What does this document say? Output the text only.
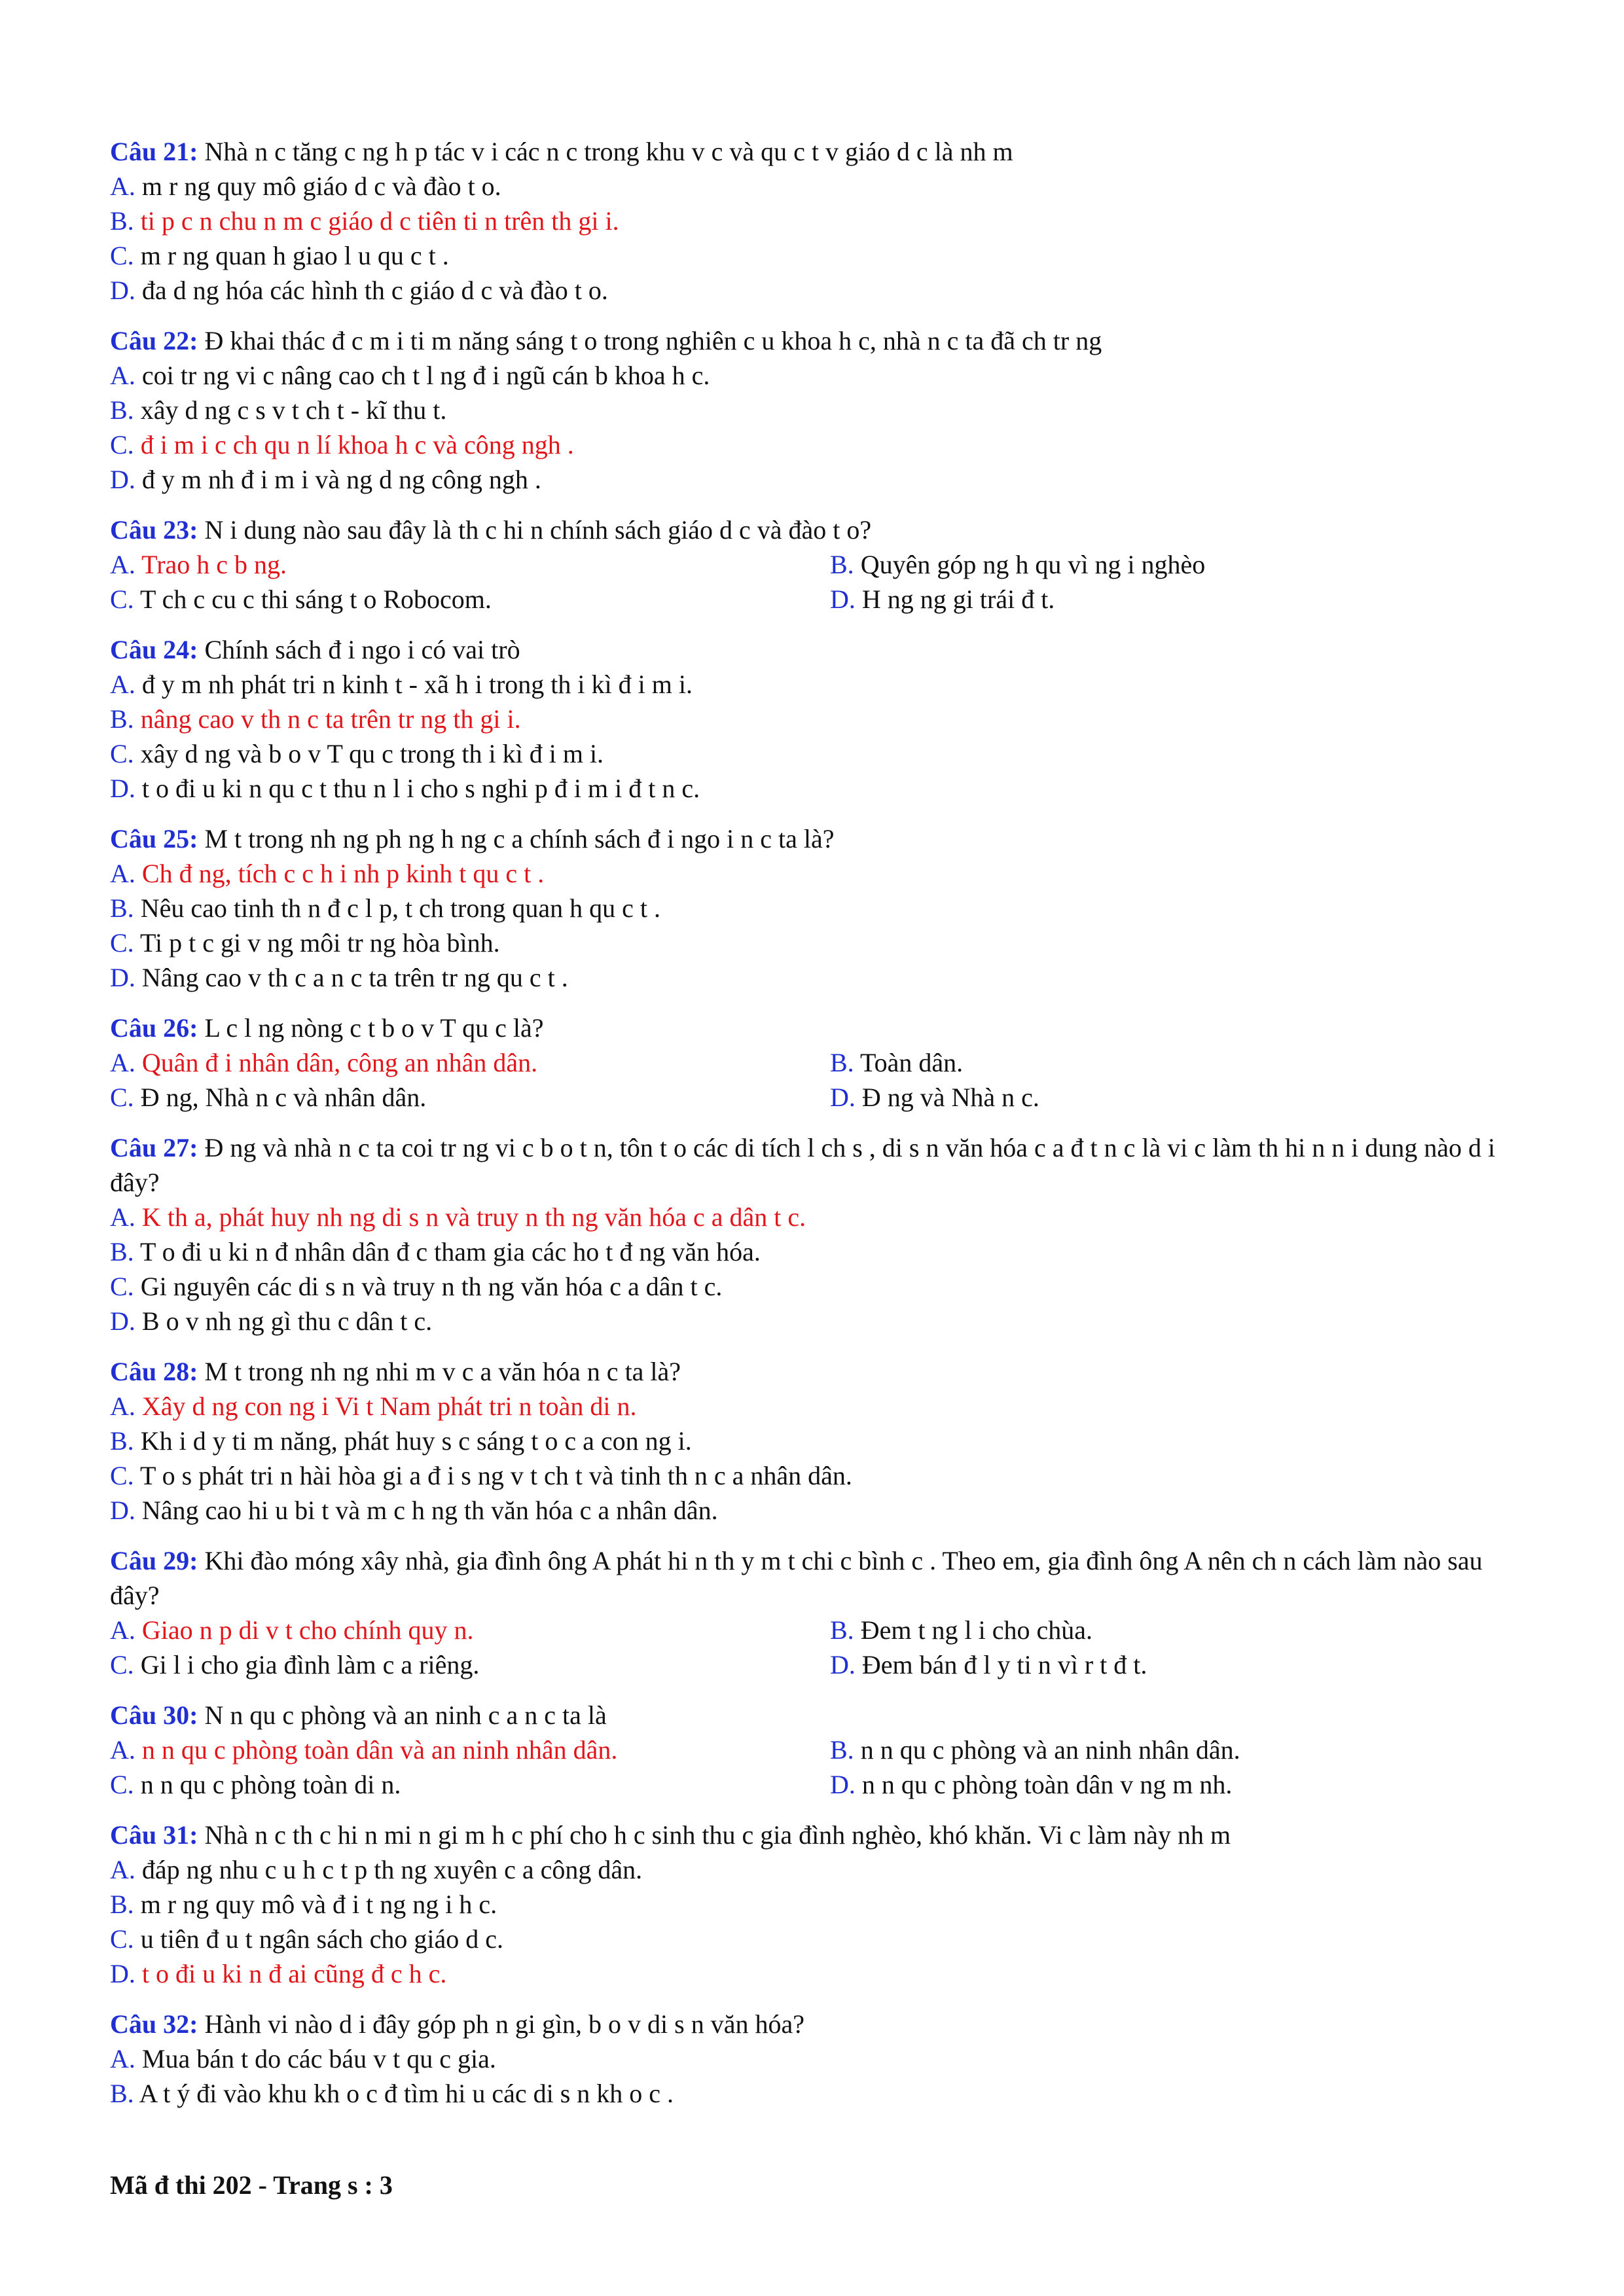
Câu 21: Nhà n c tăng c ng h p tác v i các n c trong khu v c và qu c t v giáo d c là nh m

A. m r ng quy mô giáo d c và đào t o.

B. ti p c n chu n m c giáo d c tiên ti n trên th gi i.

C. m r ng quan h giao l u qu c t .

D. đa d ng hóa các hình th c giáo d c và đào t o.

Câu 22: Đ khai thác đ c m i ti m năng sáng t o trong nghiên c u khoa h c, nhà n c ta đã ch tr ng

A. coi tr ng vi c nâng cao ch t l ng đ i ngũ cán b khoa h c.

B. xây d ng c s v t ch t - kĩ thu t.

C. đ i m i c ch qu n lí khoa h c và công ngh .

D. đ y m nh đ i m i và ng d ng công ngh .

Câu 23: N i dung nào sau đây là th c hi n chính sách giáo d c và đào t o?

A. Trao h c b ng.	B. Quyên góp ng h qu vì ng i nghèo

C. T ch c cu c thi sáng t o Robocom.	D. H ng ng gi trái đ t.

Câu 24: Chính sách đ i ngo i có vai trò

A. đ y m nh phát tri n kinh t - xã h i trong th i kì đ i m i.

B. nâng cao v th n c ta trên tr ng th gi i.

C. xây d ng và b o v T qu c trong th i kì đ i m i.

D. t o đi u ki n qu c t thu n l i cho s nghi p đ i m i đ t n c.

Câu 25: M t trong nh ng ph ng h ng c a chính sách đ i ngo i n c ta là?

A. Ch đ ng, tích c c h i nh p kinh t qu c t .

B. Nêu cao tinh th n đ c l p, t ch trong quan h qu c t .

C. Ti p t c gi v ng môi tr ng hòa bình.

D. Nâng cao v th c a n c ta trên tr ng qu c t .

Câu 26: L c l ng nòng c t b o v T qu c là?

A. Quân đ i nhân dân, công an nhân dân.	B. Toàn dân.

C. Đ ng, Nhà n c và nhân dân.	D. Đ ng và Nhà n c.

Câu 27: Đ ng và nhà n c ta coi tr ng vi c b o t n, tôn t o các di tích l ch s , di s n văn hóa c a đ t n c là vi c làm th hi n n i dung nào d i đây?

A. K th a, phát huy nh ng di s n và truy n th ng văn hóa c a dân t c.

B. T o đi u ki n đ nhân dân đ c tham gia các ho t đ ng văn hóa.

C. Gi nguyên các di s n và truy n th ng văn hóa c a dân t c.

D. B o v nh ng gì thu c dân t c.

Câu 28: M t trong nh ng nhi m v c a văn hóa n c ta là?

A. Xây d ng con ng i Vi t Nam phát tri n toàn di n.

B. Kh i d y ti m năng, phát huy s c sáng t o c a con ng i.

C. T o s phát tri n hài hòa gi a đ i s ng v t ch t và tinh th n c a nhân dân.

D. Nâng cao hi u bi t và m c h ng th văn hóa c a nhân dân.

Câu 29: Khi đào móng xây nhà, gia đình ông A phát hi n th y m t chi c bình c . Theo em, gia đình ông A nên ch n cách làm nào sau đây?

A. Giao n p di v t cho chính quy n.	B. Đem t ng l i cho chùa.

C. Gi l i cho gia đình làm c a riêng.	D. Đem bán đ l y ti n vì r t đ t.

Câu 30: N n qu c phòng và an ninh c a n c ta là

A. n n qu c phòng toàn dân và an ninh nhân dân.	B. n n qu c phòng và an ninh nhân dân.

C. n n qu c phòng toàn di n.	D. n n qu c phòng toàn dân v ng m nh.

Câu 31: Nhà n c th c hi n mi n gi m h c phí cho h c sinh thu c gia đình nghèo, khó khăn. Vi c làm này nh m

A. đáp ng nhu c u h c t p th ng xuyên c a công dân.

B. m r ng quy mô và đ i t ng ng i h c.

C. u tiên đ u t ngân sách cho giáo d c.

D. t o đi u ki n đ ai cũng đ c h c.

Câu 32: Hành vi nào d i đây góp ph n gi gìn, b o v di s n văn hóa?

A. Mua bán t do các báu v t qu c gia.

B. A t ý đi vào khu kh o c đ tìm hi u các di s n kh o c .

Mã đ thi 202 - Trang s : 3
